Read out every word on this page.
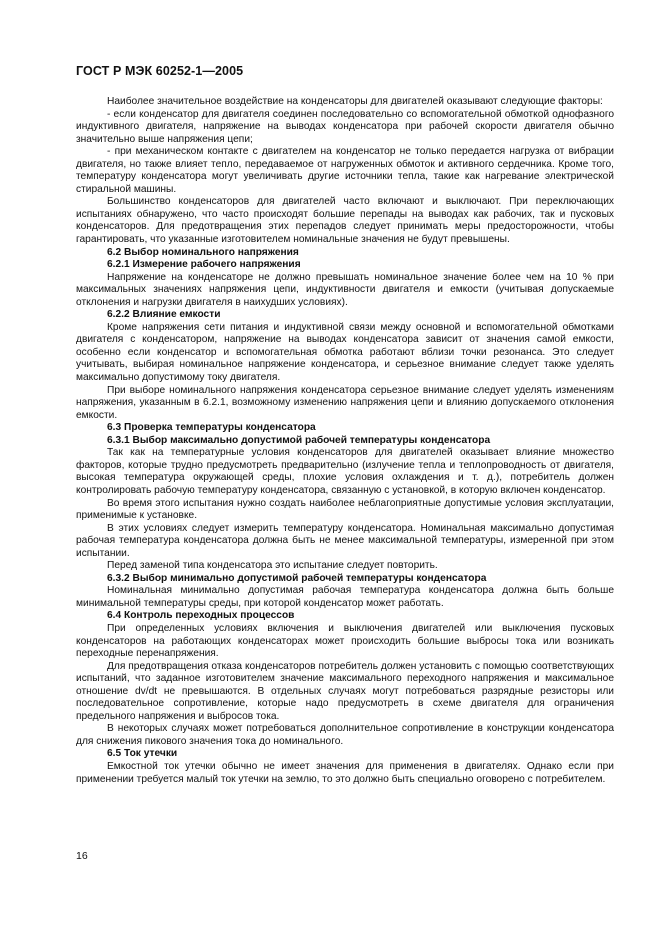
ГОСТ Р МЭК 60252-1—2005

Наиболее значительное воздействие на конденсаторы для двигателей оказывают следующие факторы:

- если конденсатор для двигателя соединен последовательно со вспомогательной обмоткой однофазного индуктивного двигателя, напряжение на выводах конденсатора при рабочей скорости двигателя обычно значительно выше напряжения цепи;

- при механическом контакте с двигателем на конденсатор не только передается нагрузка от вибрации двигателя, но также влияет тепло, передаваемое от нагруженных обмоток и активного сердечника. Кроме того, температуру конденсатора могут увеличивать другие источники тепла, такие как нагревание электрической стиральной машины.

Большинство конденсаторов для двигателей часто включают и выключают. При переключающих испытаниях обнаружено, что часто происходят большие перепады на выводах как рабочих, так и пусковых конденсаторов. Для предотвращения этих перепадов следует принимать меры предосторожности, чтобы гарантировать, что указанные изготовителем номинальные значения не будут превышены.

6.2 Выбор номинального напряжения

6.2.1 Измерение рабочего напряжения

Напряжение на конденсаторе не должно превышать номинальное значение более чем на 10 % при максимальных значениях напряжения цепи, индуктивности двигателя и емкости (учитывая допускаемые отклонения и нагрузки двигателя в наихудших условиях).

6.2.2 Влияние емкости

Кроме напряжения сети питания и индуктивной связи между основной и вспомогательной обмотками двигателя с конденсатором, напряжение на выводах конденсатора зависит от значения самой емкости, особенно если конденсатор и вспомогательная обмотка работают вблизи точки резонанса. Это следует учитывать, выбирая номинальное напряжение конденсатора, и серьезное внимание следует также уделять максимально допустимому току двигателя.

При выборе номинального напряжения конденсатора серьезное внимание следует уделять изменениям напряжения, указанным в 6.2.1, возможному изменению напряжения цепи и влиянию допускаемого отклонения емкости.

6.3 Проверка температуры конденсатора

6.3.1 Выбор максимально допустимой рабочей температуры конденсатора

Так как на температурные условия конденсаторов для двигателей оказывает влияние множество факторов, которые трудно предусмотреть предварительно (излучение тепла и теплопроводность от двигателя, высокая температура окружающей среды, плохие условия охлаждения и т. д.), потребитель должен контролировать рабочую температуру конденсатора, связанную с установкой, в которую включен конденсатор.

Во время этого испытания нужно создать наиболее неблагоприятные допустимые условия эксплуатации, применимые к установке.

В этих условиях следует измерить температуру конденсатора. Номинальная максимально допустимая рабочая температура конденсатора должна быть не менее максимальной температуры, измеренной при этом испытании.

Перед заменой типа конденсатора это испытание следует повторить.

6.3.2 Выбор минимально допустимой рабочей температуры конденсатора

Номинальная минимально допустимая рабочая температура конденсатора должна быть больше минимальной температуры среды, при которой конденсатор может работать.

6.4 Контроль переходных процессов

При определенных условиях включения и выключения двигателей или выключения пусковых конденсаторов на работающих конденсаторах может происходить большие выбросы тока или возникать переходные перенапряжения.

Для предотвращения отказа конденсаторов потребитель должен установить с помощью соответствующих испытаний, что заданное изготовителем значение максимального переходного напряжения и максимальное отношение dv/dt не превышаются. В отдельных случаях могут потребоваться разрядные резисторы или последовательное сопротивление, которые надо предусмотреть в схеме двигателя для ограничения предельного напряжения и выбросов тока.

В некоторых случаях может потребоваться дополнительное сопротивление в конструкции конденсатора для снижения пикового значения тока до номинального.

6.5 Ток утечки

Емкостной ток утечки обычно не имеет значения для применения в двигателях. Однако если при применении требуется малый ток утечки на землю, то это должно быть специально оговорено с потребителем.

16
